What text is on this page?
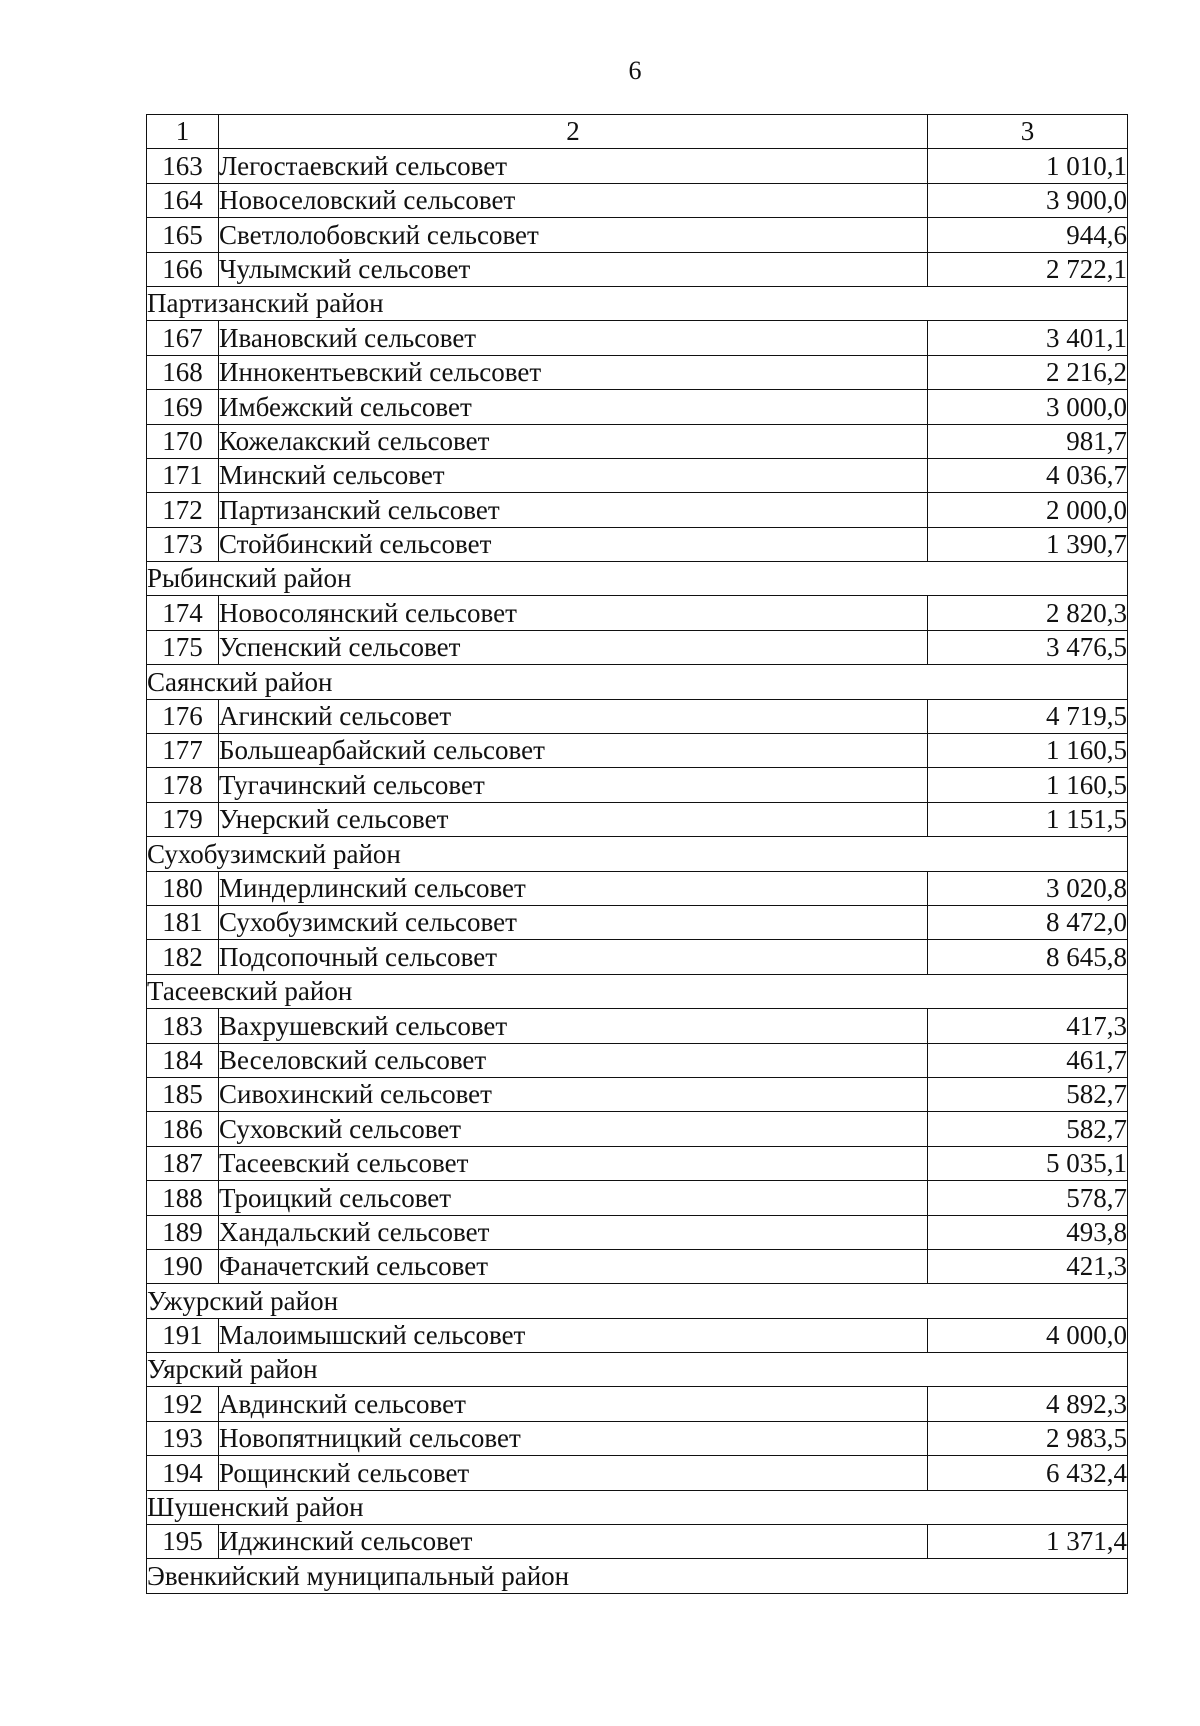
6
1	2	3
163	Легостаевский сельсовет	1 010,1
164	Новоселовский сельсовет	3 900,0
165	Светлолобовский сельсовет	944,6
166	Чулымский сельсовет	2 722,1
Партизанский район		
167	Ивановский сельсовет	3 401,1
168	Иннокентьевский сельсовет	2 216,2
169	Имбежский сельсовет	3 000,0
170	Кожелакский сельсовет	981,7
171	Минский сельсовет	4 036,7
172	Партизанский сельсовет	2 000,0
173	Стойбинский сельсовет	1 390,7
Рыбинский район		
174	Новосолянский сельсовет	2 820,3
175	Успенский сельсовет	3 476,5
Саянский район		
176	Агинский сельсовет	4 719,5
177	Большеарбайский сельсовет	1 160,5
178	Тугачинский сельсовет	1 160,5
179	Унерский сельсовет	1 151,5
Сухобузимский район		
180	Миндерлинский сельсовет	3 020,8
181	Сухобузимский сельсовет	8 472,0
182	Подсопочный сельсовет	8 645,8
Тасеевский район		
183	Вахрушевский сельсовет	417,3
184	Веселовский сельсовет	461,7
185	Сивохинский сельсовет	582,7
186	Суховский сельсовет	582,7
187	Тасеевский сельсовет	5 035,1
188	Троицкий сельсовет	578,7
189	Хандальский сельсовет	493,8
190	Фаначетский сельсовет	421,3
Ужурский район		
191	Малоимышский сельсовет	4 000,0
Уярский район		
192	Авдинский сельсовет	4 892,3
193	Новопятницкий сельсовет	2 983,5
194	Рощинский сельсовет	6 432,4
Шушенский район		
195	Иджинский сельсовет	1 371,4
Эвенкийский муниципальный район		
